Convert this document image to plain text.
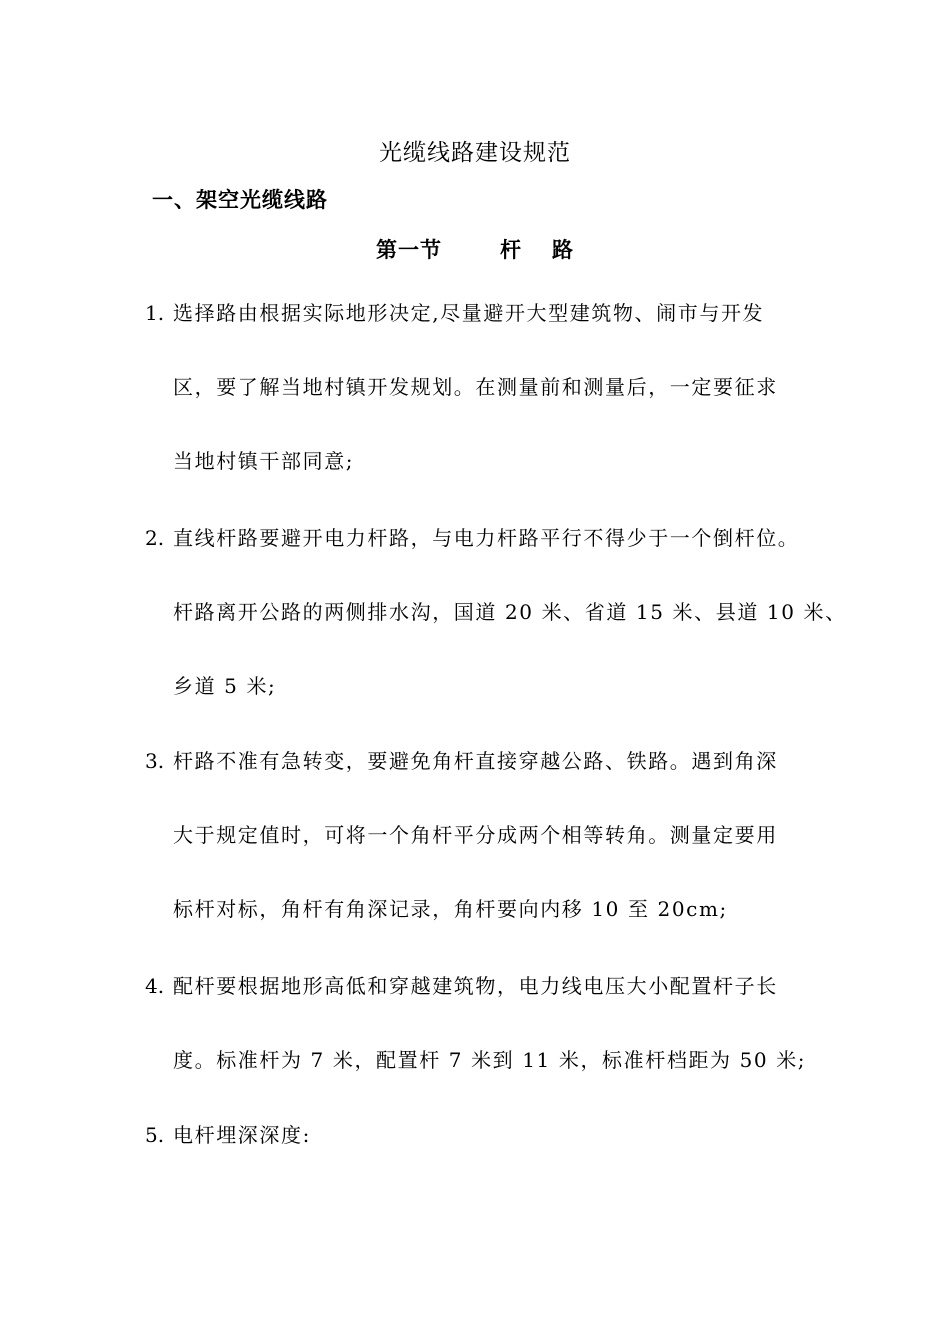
光缆线路建设规范
一、架空光缆线路
第一节	杆 路
1. 选择路由根据实际地形决定,尽量避开大型建筑物、闹市与开发
区，要了解当地村镇开发规划。在测量前和测量后，一定要征求
当地村镇干部同意;
2. 直线杆路要避开电力杆路，与电力杆路平行不得少于一个倒杆位。
杆路离开公路的两侧排水沟，国道 20 米、省道 15 米、县道 10 米、
乡道 5 米;
3. 杆路不准有急转变，要避免角杆直接穿越公路、铁路。遇到角深
大于规定值时，可将一个角杆平分成两个相等转角。测量定要用
标杆对标，角杆有角深记录，角杆要向内移 10 至 20cm;
4. 配杆要根据地形高低和穿越建筑物，电力线电压大小配置杆子长
度。标准杆为 7 米，配置杆 7 米到 11 米，标准杆档距为 50 米;
5. 电杆埋深深度:
